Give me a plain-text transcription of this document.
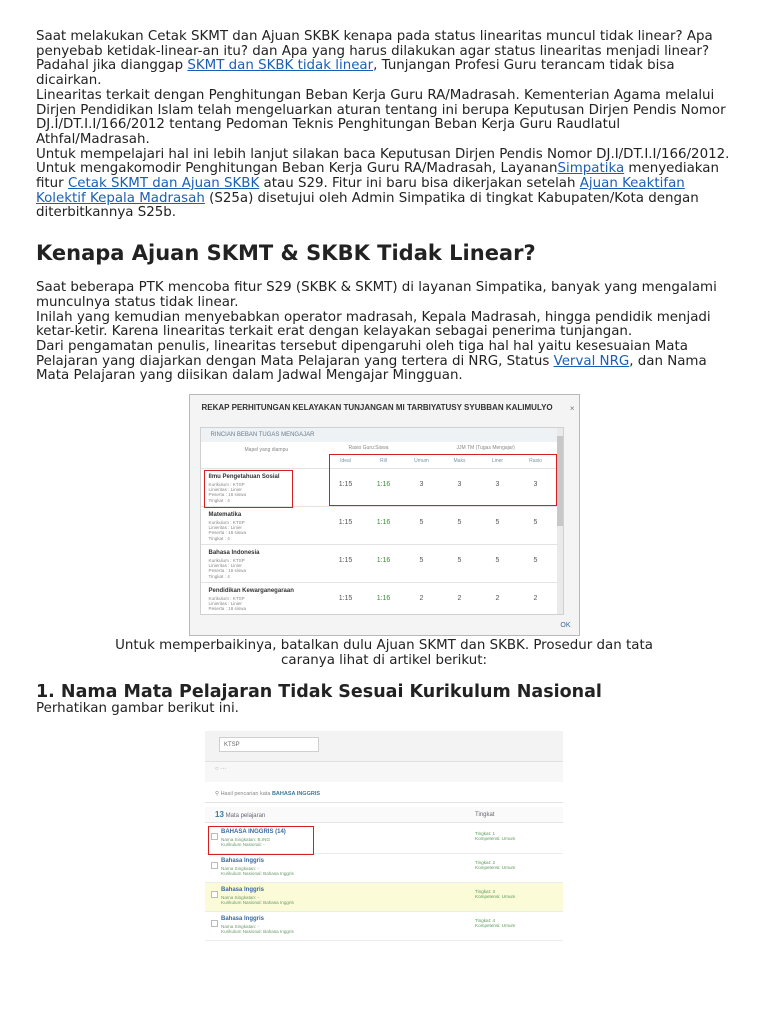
Saat melakukan Cetak SKMT dan Ajuan SKBK kenapa pada status linearitas muncul tidak linear? Apa penyebab ketidak-linear-an itu? dan Apa yang harus dilakukan agar status linearitas menjadi linear?

Padahal jika dianggap SKMT dan SKBK tidak linear, Tunjangan Profesi Guru terancam tidak bisa dicairkan.

Linearitas terkait dengan Penghitungan Beban Kerja Guru RA/Madrasah. Kementerian Agama melalui Dirjen Pendidikan Islam telah mengeluarkan aturan tentang ini berupa Keputusan Dirjen Pendis Nomor DJ.I/DT.I.I/166/2012 tentang Pedoman Teknis Penghitungan Beban Kerja Guru Raudlatul Athfal/Madrasah.

Untuk mempelajari hal ini lebih lanjut silakan baca Keputusan Dirjen Pendis Nomor DJ.I/DT.I.I/166/2012.

Untuk mengakomodir Penghitungan Beban Kerja Guru RA/Madrasah, LayananSimpatika menyediakan fitur Cetak SKMT dan Ajuan SKBK atau S29. Fitur ini baru bisa dikerjakan setelah Ajuan Keaktifan Kolektif Kepala Madrasah (S25a) disetujui oleh Admin Simpatika di tingkat Kabupaten/Kota dengan diterbitkannya S25b.

Kenapa Ajuan SKMT & SKBK Tidak Linear?

Saat beberapa PTK mencoba fitur S29 (SKBK & SKMT) di layanan Simpatika, banyak yang mengalami munculnya status tidak linear.

Inilah yang kemudian menyebabkan operator madrasah, Kepala Madrasah, hingga pendidik menjadi ketar-ketir. Karena linearitas terkait erat dengan kelayakan sebagai penerima tunjangan.

Dari pengamatan penulis, linearitas tersebut dipengaruhi oleh tiga hal hal yaitu kesesuaian Mata Pelajaran yang diajarkan dengan Mata Pelajaran yang tertera di NRG, Status Verval NRG, dan Nama Mata Pelajaran yang diisikan dalam Jadwal Mengajar Mingguan.

REKAP PERHITUNGAN KELAYAKAN TUNJANGAN MI TARBIYATUSY SYUBBAN KALIMULYO	×
RINCIAN BEBAN TUGAS MENGAJAR
Mapel yang diampu	Rasio Guru:Siswa	JJM TM (Tugas Mengajar)
Ideal	Rill	Umum	Maks	Liner	Rasio
Ilmu Pengetahuan Sosial
Kurikulum : KTSP
Linieritas : Linier
Peserta : 16 siswa
Tingkat : 4
1:15	1:16	3	3	3	3
Matematika
Kurikulum : KTSP
Linieritas : Linier
Peserta : 16 siswa
Tingkat : 4
1:15	1:16	5	5	5	5
Bahasa Indonesia
Kurikulum : KTSP
Linieritas : Linier
Peserta : 16 siswa
Tingkat : 4
1:15	1:16	5	5	5	5
Pendidikan Kewarganegaraan
Kurikulum : KTSP
Linieritas : Linier
Peserta : 16 siswa
1:15	1:16	2	2	2	2
OK
Untuk memperbaikinya, batalkan dulu Ajuan SKMT dan SKBK. Prosedur dan tata caranya lihat di artikel berikut:
1. Nama Mata Pelajaran Tidak Sesuai Kurikulum Nasional

Perhatikan gambar berikut ini.

KTSP
○ ···
⚲ Hasil pencarian kata BAHASA INGGRIS
13 Mata pelajaran	Tingkat
BAHASA INGGRIS (14)
Nama Singkatan: B.ING
Kurikulum Nasional: -
Tingkat: 1
Kompetensi: Umum
Bahasa Inggris
Nama Singkatan: -
Kurikulum Nasional: Bahasa Inggris
Tingkat: 2
Kompetensi: Umum
Bahasa Inggris
Nama Singkatan: -
Kurikulum Nasional: Bahasa Inggris
Tingkat: 3
Kompetensi: Umum
Bahasa Inggris
Nama Singkatan: -
Kurikulum Nasional: Bahasa Inggris
Tingkat: 4
Kompetensi: Umum
